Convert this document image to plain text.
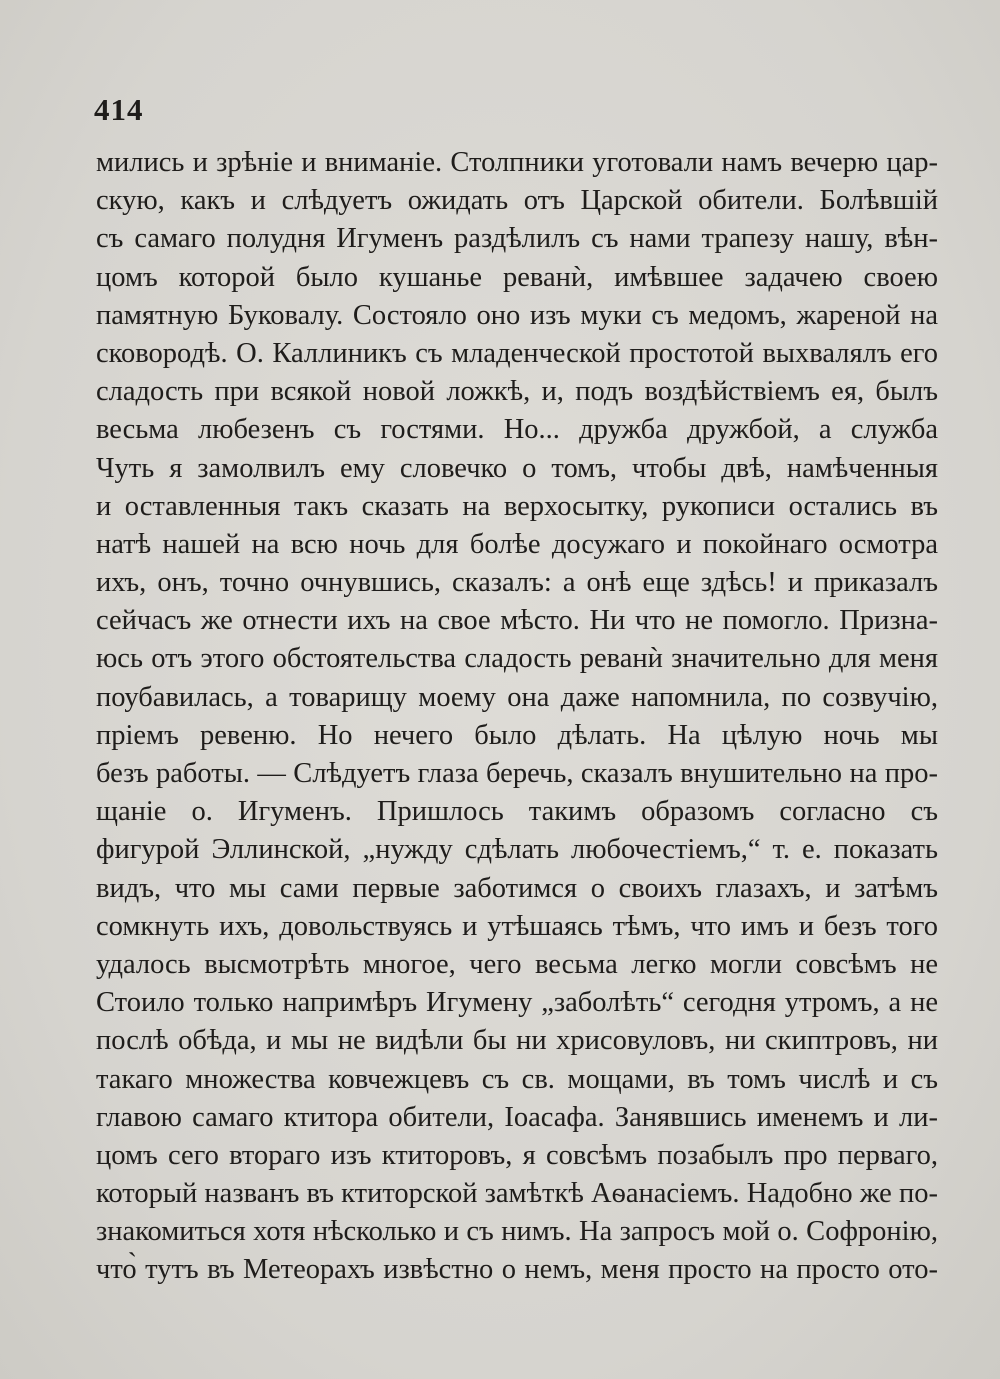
414
мились и зрѣніе и вниманіе. Столпники уготовали намъ вечерю цар-
скую, какъ и слѣдуетъ ожидать отъ Царской обители. Болѣвшій
съ самаго полудня Игуменъ раздѣлилъ съ нами трапезу нашу, вѣн-
цомъ которой было кушанье реванѝ, имѣвшее задачею своею
памятную Буковалу. Состояло оно изъ муки съ медомъ, жареной на
сковородѣ. О. Каллиникъ съ младенческой простотой выхвалялъ его
сладость при всякой новой ложкѣ, и, подъ воздѣйствіемъ ея, былъ
весьма любезенъ съ гостями. Но... дружба дружбой, а служба
Чуть я замолвилъ ему словечко о томъ, чтобы двѣ, намѣченныя
и оставленныя такъ сказать на верхосытку, рукописи остались въ
натѣ нашей на всю ночь для болѣе досужаго и покойнаго осмотра
ихъ, онъ, точно очнувшись, сказалъ: а онѣ еще здѣсь! и приказалъ
сейчасъ же отнести ихъ на свое мѣсто. Ни что не помогло. Призна-
юсь отъ этого обстоятельства сладость реванѝ значительно для меня
поубавилась, а товарищу моему она даже напомнила, по созвучію,
пріемъ ревеню. Но нечего было дѣлать. На цѣлую ночь мы
безъ работы. — Слѣдуетъ глаза беречь, сказалъ внушительно на про-
щаніе о. Игуменъ. Пришлось такимъ образомъ согласно съ
фигурой Эллинской, „нужду сдѣлать любочестіемъ,“ т. е. показать
видъ, что мы сами первые заботимся о своихъ глазахъ, и затѣмъ
сомкнуть ихъ, довольствуясь и утѣшаясь тѣмъ, что имъ и безъ того
удалось высмотрѣть многое, чего весьма легко могли совсѣмъ не
Стоило только напримѣръ Игумену „заболѣть“ сегодня утромъ, а не
послѣ обѣда, и мы не видѣли бы ни хрисовуловъ, ни скиптровъ, ни
такаго множества ковчежцевъ съ св. мощами, въ томъ числѣ и съ
главою самаго ктитора обители, Іоасафа. Занявшись именемъ и ли-
цомъ сего втораго изъ ктиторовъ, я совсѣмъ позабылъ про перваго,
который названъ въ ктиторской замѣткѣ Аѳанасіемъ. Надобно же по-
знакомиться хотя нѣсколько и съ нимъ. На запросъ мой о. Софронію,
что̀ тутъ въ Метеорахъ извѣстно о немъ, меня просто на просто ото-
